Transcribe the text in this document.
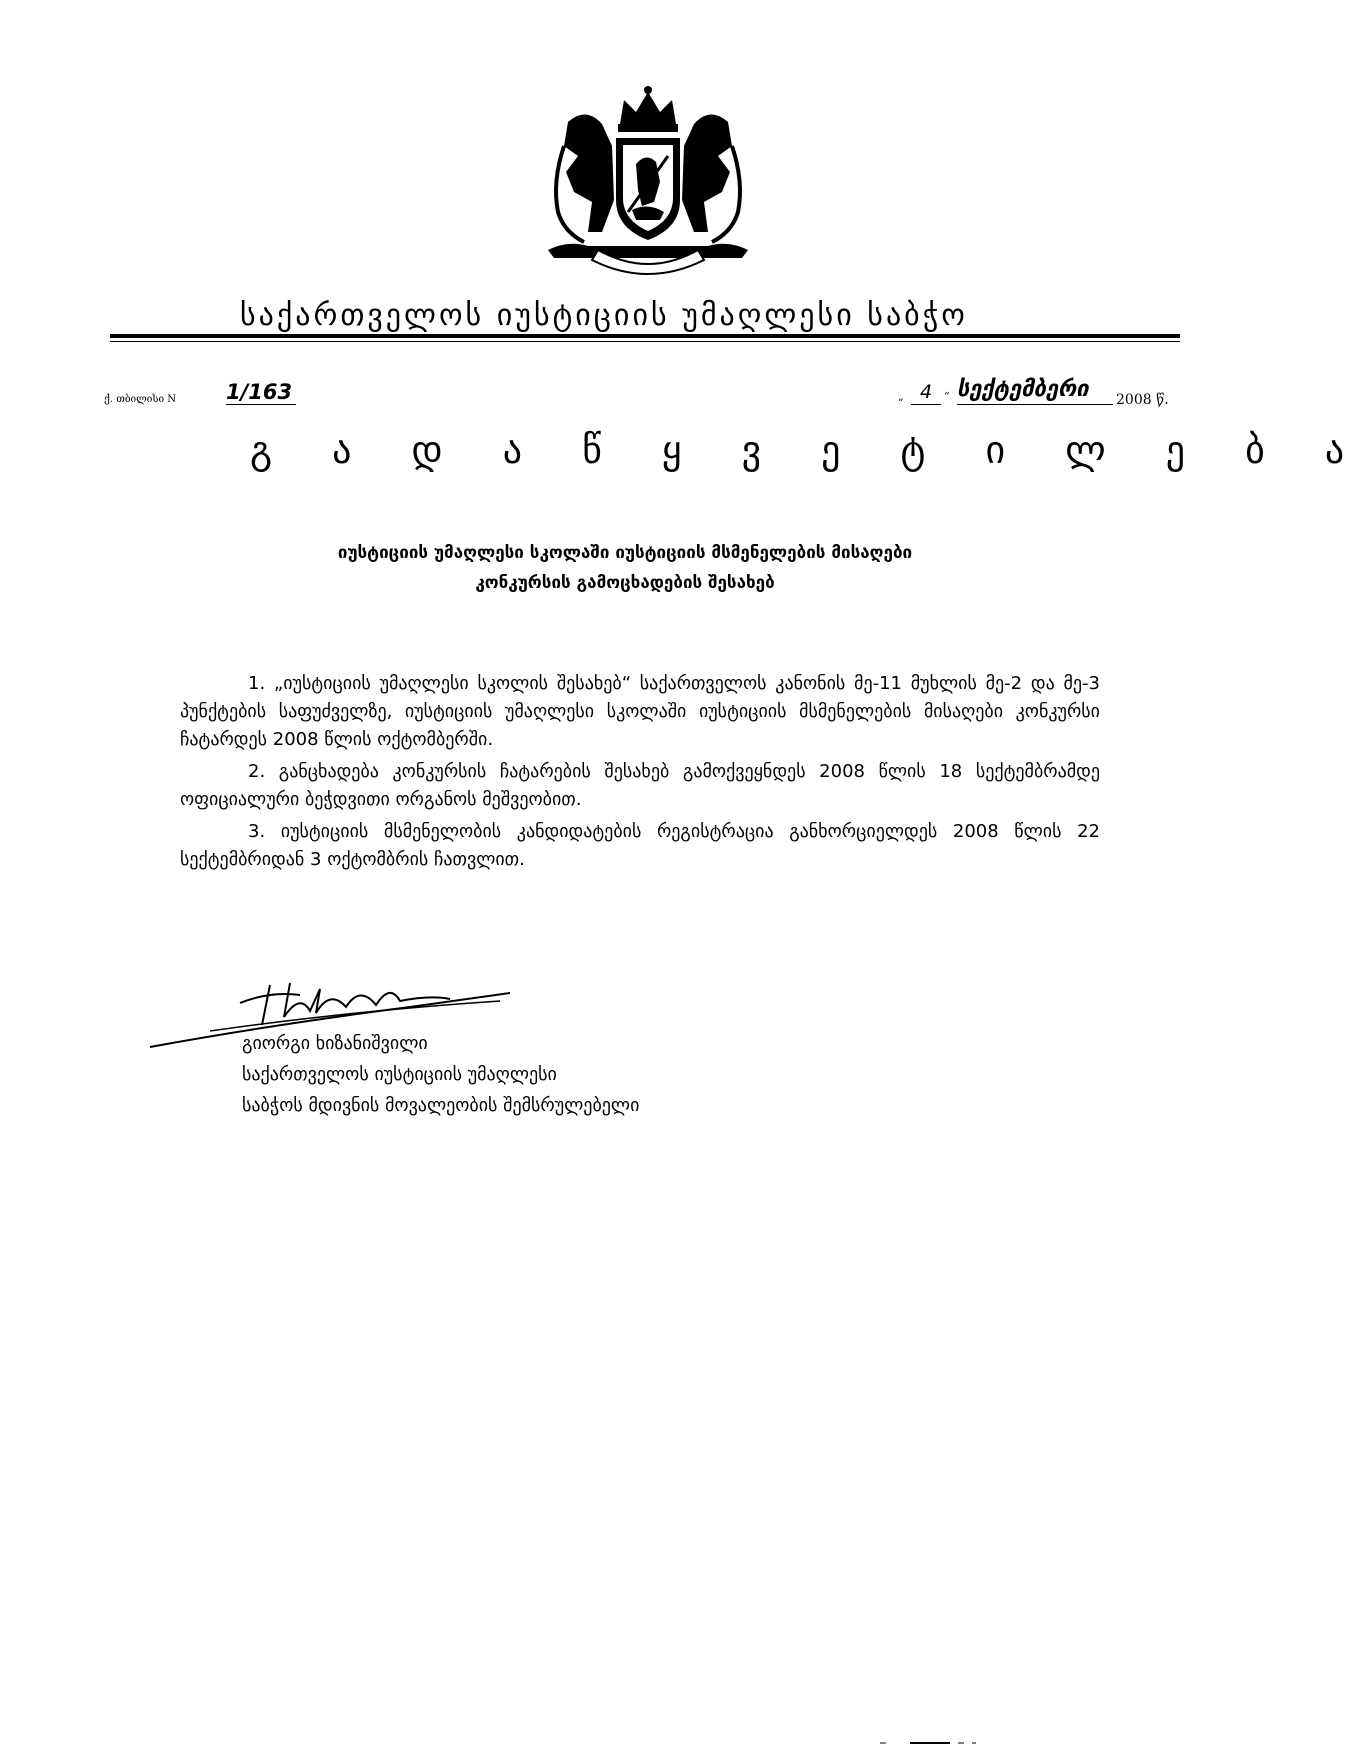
საქართველოს იუსტიციის უმაღლესი საბჭო
ქ. თბილისი N 1/163	„ 4	“ სექტემბერი	2008 წ.
გ ა დ ა წ ყ ვ ე ტ ი ლ ე ბ ა
იუსტიციის უმაღლესი სკოლაში იუსტიციის მსმენელების მისაღები
კონკურსის გამოცხადების შესახებ

1. „იუსტიციის უმაღლესი სკოლის შესახებ“ საქართველოს კანონის მე-11 მუხლის მე-2 და მე-3 პუნქტების საფუძველზე, იუსტიციის უმაღლესი სკოლაში იუსტიციის მსმენელების მისაღები კონკურსი ჩატარდეს 2008 წლის ოქტომბერში.

2. განცხადება კონკურსის ჩატარების შესახებ გამოქვეყნდეს 2008 წლის 18 სექტემბრამდე ოფიციალური ბეჭდვითი ორგანოს მეშვეობით.

3. იუსტიციის მსმენელობის კანდიდატების რეგისტრაცია განხორციელდეს 2008 წლის 22 სექტემბრიდან 3 ოქტომბრის ჩათვლით.

გიორგი ხიზანიშვილი
საქართველოს იუსტიციის უმაღლესი
საბჭოს მდივნის მოვალეობის შემსრულებელი
